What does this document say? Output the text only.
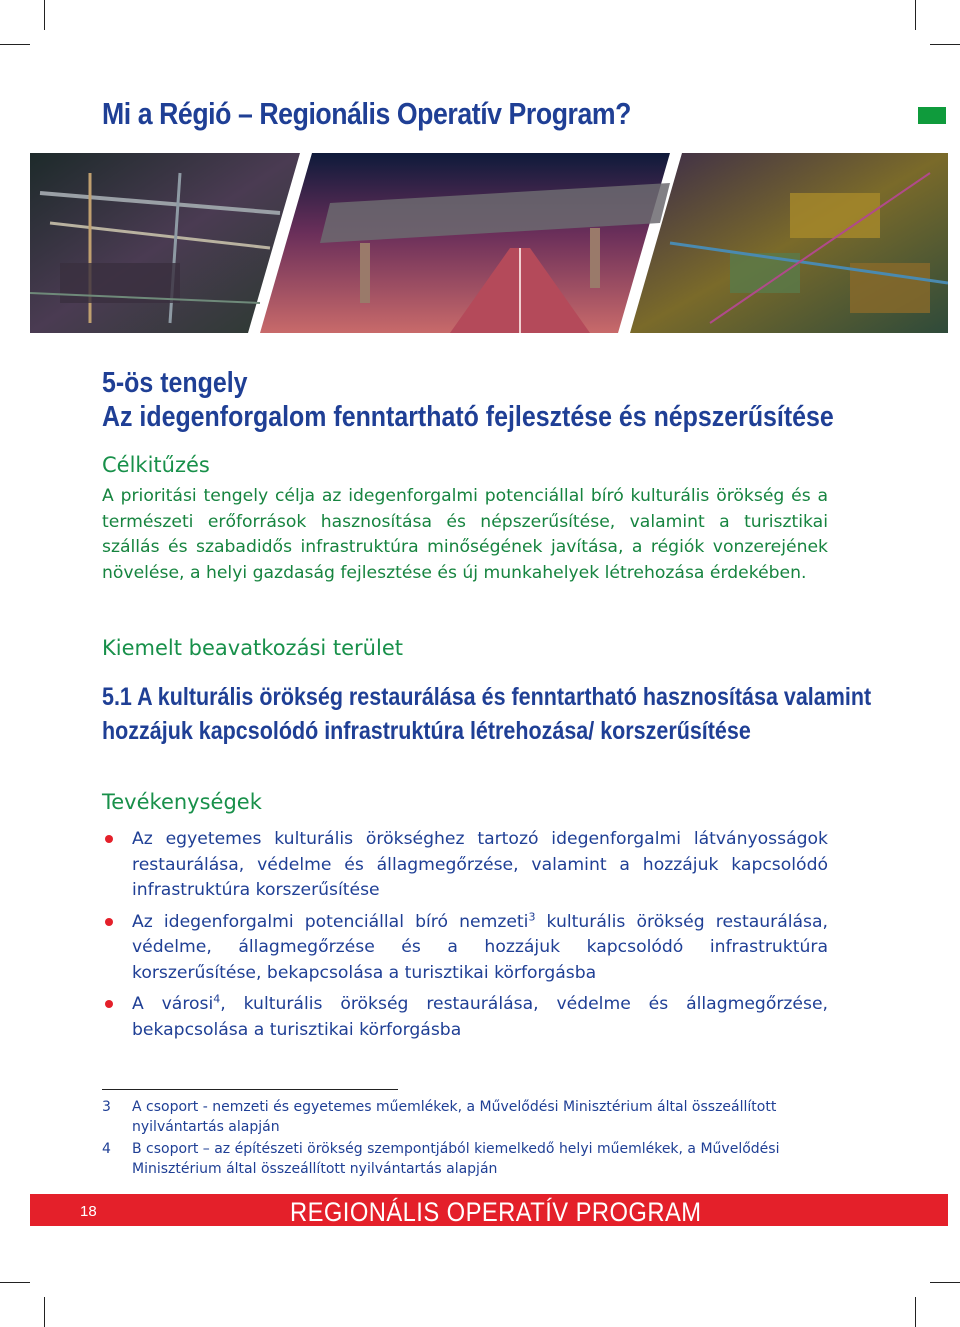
Mi a Régió – Regionális Operatív Program?
5-ös tengely
Az idegenforgalom fenntartható fejlesztése és népszerűsítése
Célkitűzés
A prioritási tengely célja az idegenforgalmi potenciállal bíró kulturális örökség és a természeti erőforrások hasznosítása és népszerűsítése, valamint a turisztikai szállás és szabadidős infrastruktúra minőségének javítása, a régiók vonzerejének növelése, a helyi gazdaság fejlesztése és új munkahelyek létrehozása érdekében.
Kiemelt beavatkozási terület
5.1 A kulturális örökség restaurálása és fenntartható hasznosítása valamint
hozzájuk kapcsolódó infrastruktúra létrehozása/ korszerűsítése
Tevékenységek
Az egyetemes kulturális örökséghez tartozó idegenforgalmi látványosságok restaurálása, védelme és állagmegőrzése, valamint a hozzájuk kapcsolódó infrastruktúra korszerűsítése
Az idegenforgalmi potenciállal bíró nemzeti$^3$ kulturális örökség restaurálása, védelme, állagmegőrzése és a hozzájuk kapcsolódó infrastruktúra korszerűsítése, bekapcsolása a turisztikai körforgásba
A városi$^4$, kulturális örökség restaurálása, védelme és állagmegőrzése, bekapcsolása a turisztikai körforgásba
3 A csoport - nemzeti és egyetemes műemlékek, a Művelődési Minisztérium által összeállított nyilvántartás alapján
4 B csoport – az építészeti örökség szempontjából kiemelkedő helyi műemlékek, a Művelődési Minisztérium által összeállított nyilvántartás alapján
18	REGIONÁLIS OPERATÍV PROGRAM
